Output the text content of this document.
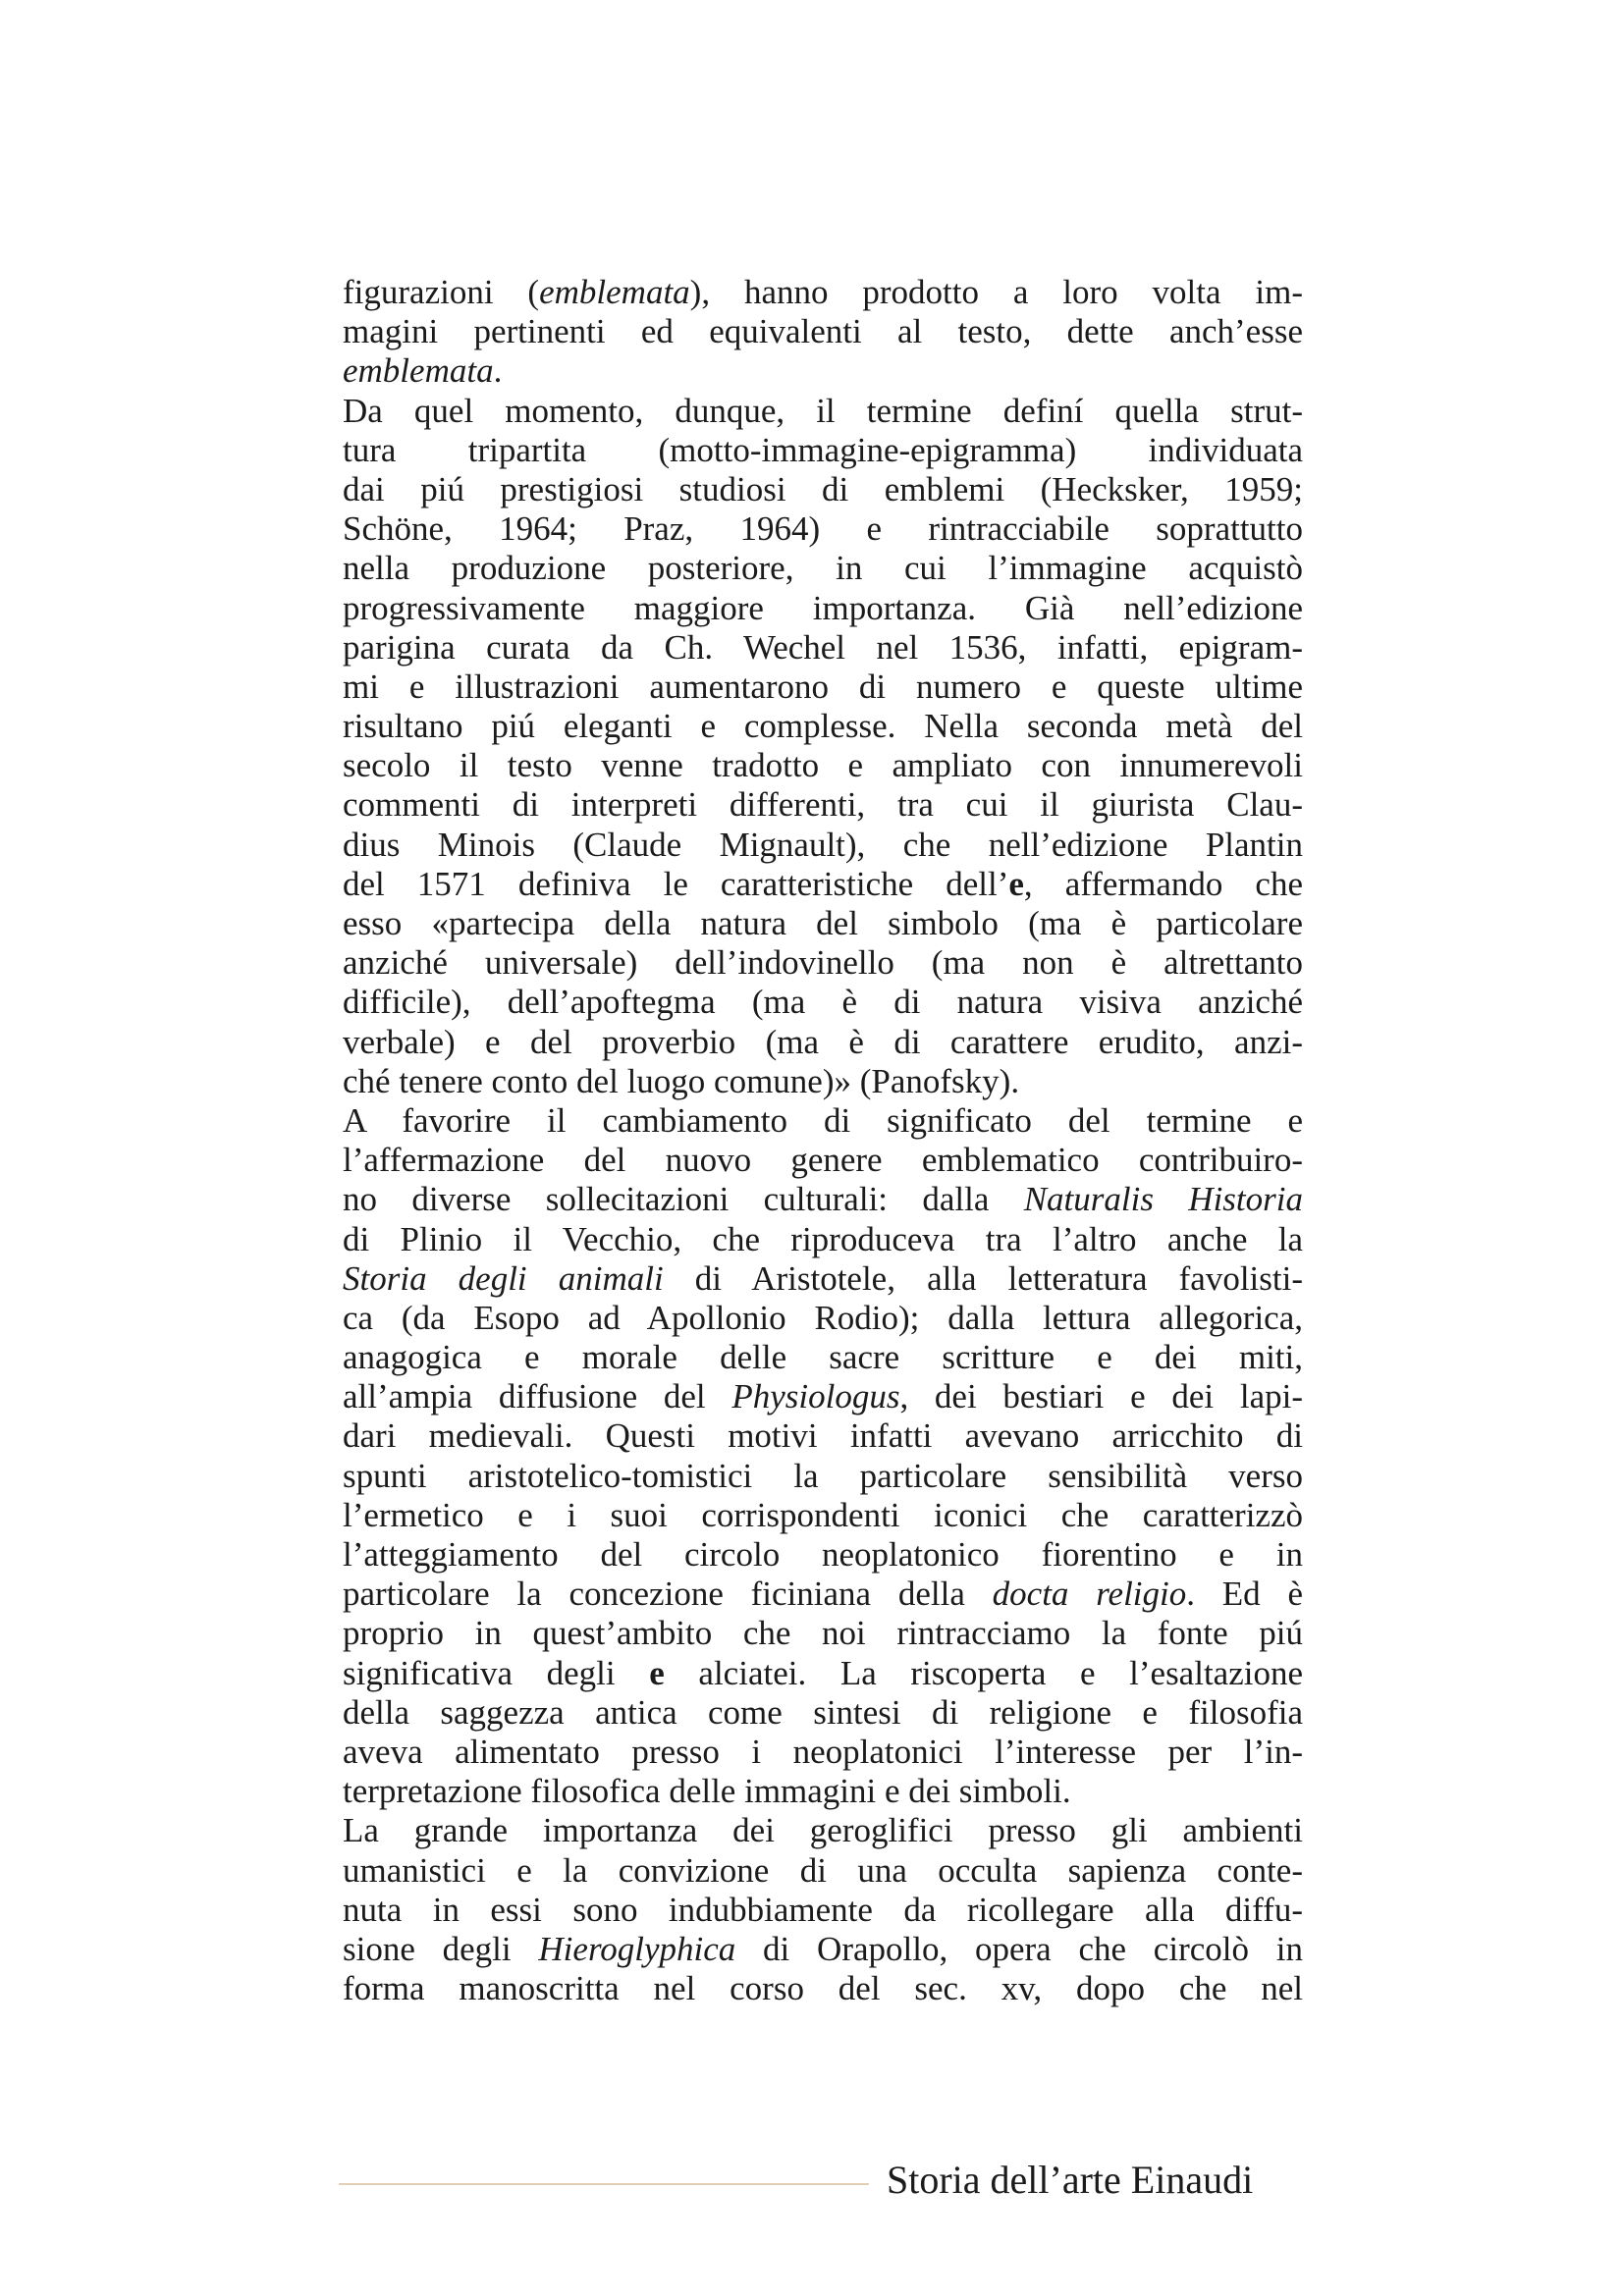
figurazioni (emblemata), hanno prodotto a loro volta im-
magini pertinenti ed equivalenti al testo, dette anch’esse
emblemata.
Da quel momento, dunque, il termine definí quella strut-
tura tripartita (motto-immagine-epigramma) individuata
dai piú prestigiosi studiosi di emblemi (Hecksker, 1959;
Schöne, 1964; Praz, 1964) e rintracciabile soprattutto
nella produzione posteriore, in cui l’immagine acquistò
progressivamente maggiore importanza. Già nell’edizione
parigina curata da Ch. Wechel nel 1536, infatti, epigram-
mi e illustrazioni aumentarono di numero e queste ultime
risultano piú eleganti e complesse. Nella seconda metà del
secolo il testo venne tradotto e ampliato con innumerevoli
commenti di interpreti differenti, tra cui il giurista Clau-
dius Minois (Claude Mignault), che nell’edizione Plantin
del 1571 definiva le caratteristiche dell’e, affermando che
esso «partecipa della natura del simbolo (ma è particolare
anziché universale) dell’indovinello (ma non è altrettanto
difficile), dell’apoftegma (ma è di natura visiva anziché
verbale) e del proverbio (ma è di carattere erudito, anzi-
ché tenere conto del luogo comune)» (Panofsky).
A favorire il cambiamento di significato del termine e
l’affermazione del nuovo genere emblematico contribuiro-
no diverse sollecitazioni culturali: dalla Naturalis Historia
di Plinio il Vecchio, che riproduceva tra l’altro anche la
Storia degli animali di Aristotele, alla letteratura favolisti-
ca (da Esopo ad Apollonio Rodio); dalla lettura allegorica,
anagogica e morale delle sacre scritture e dei miti,
all’ampia diffusione del Physiologus, dei bestiari e dei lapi-
dari medievali. Questi motivi infatti avevano arricchito di
spunti aristotelico-tomistici la particolare sensibilità verso
l’ermetico e i suoi corrispondenti iconici che caratterizzò
l’atteggiamento del circolo neoplatonico fiorentino e in
particolare la concezione ficiniana della docta religio. Ed è
proprio in quest’ambito che noi rintracciamo la fonte piú
significativa degli e alciatei. La riscoperta e l’esaltazione
della saggezza antica come sintesi di religione e filosofia
aveva alimentato presso i neoplatonici l’interesse per l’in-
terpretazione filosofica delle immagini e dei simboli.
La grande importanza dei geroglifici presso gli ambienti
umanistici e la convizione di una occulta sapienza conte-
nuta in essi sono indubbiamente da ricollegare alla diffu-
sione degli Hieroglyphica di Orapollo, opera che circolò in
forma manoscritta nel corso del sec. xv, dopo che nel
Storia dell’arte Einaudi
